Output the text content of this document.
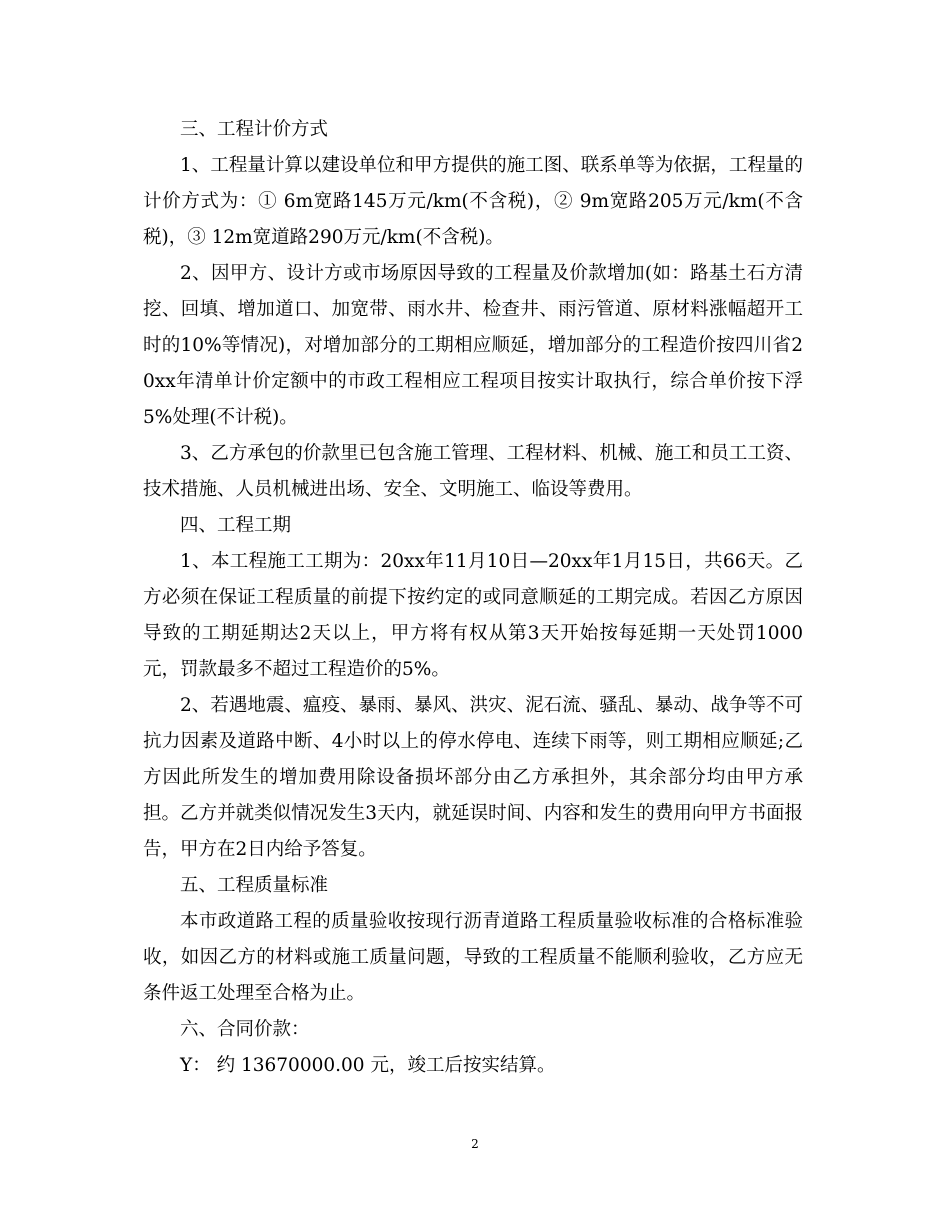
三、工程计价方式

1、工程量计算以建设单位和甲方提供的施工图、联系单等为依据，工程量的计价方式为：① 6m宽路145万元/km(不含税)，② 9m宽路205万元/km(不含税)，③ 12m宽道路290万元/km(不含税)。

2、因甲方、设计方或市场原因导致的工程量及价款增加(如：路基土石方清挖、回填、增加道口、加宽带、雨水井、检查井、雨污管道、原材料涨幅超开工时的10%等情况)，对增加部分的工期相应顺延，增加部分的工程造价按四川省20xx年清单计价定额中的市政工程相应工程项目按实计取执行，综合单价按下浮5%处理(不计税)。

3、乙方承包的价款里已包含施工管理、工程材料、机械、施工和员工工资、技术措施、人员机械进出场、安全、文明施工、临设等费用。

四、工程工期

1、本工程施工工期为：20xx年11月10日—20xx年1月15日，共66天。乙方必须在保证工程质量的前提下按约定的或同意顺延的工期完成。若因乙方原因导致的工期延期达2天以上，甲方将有权从第3天开始按每延期一天处罚1000元，罚款最多不超过工程造价的5%。

2、若遇地震、瘟疫、暴雨、暴风、洪灾、泥石流、骚乱、暴动、战争等不可抗力因素及道路中断、4小时以上的停水停电、连续下雨等，则工期相应顺延;乙方因此所发生的增加费用除设备损坏部分由乙方承担外，其余部分均由甲方承担。乙方并就类似情况发生3天内，就延误时间、内容和发生的费用向甲方书面报告，甲方在2日内给予答复。

五、工程质量标准

本市政道路工程的质量验收按现行沥青道路工程质量验收标准的合格标准验收，如因乙方的材料或施工质量问题，导致的工程质量不能顺利验收，乙方应无条件返工处理至合格为止。

六、合同价款：

Y： 约 13670000.00 元，竣工后按实结算。

2
